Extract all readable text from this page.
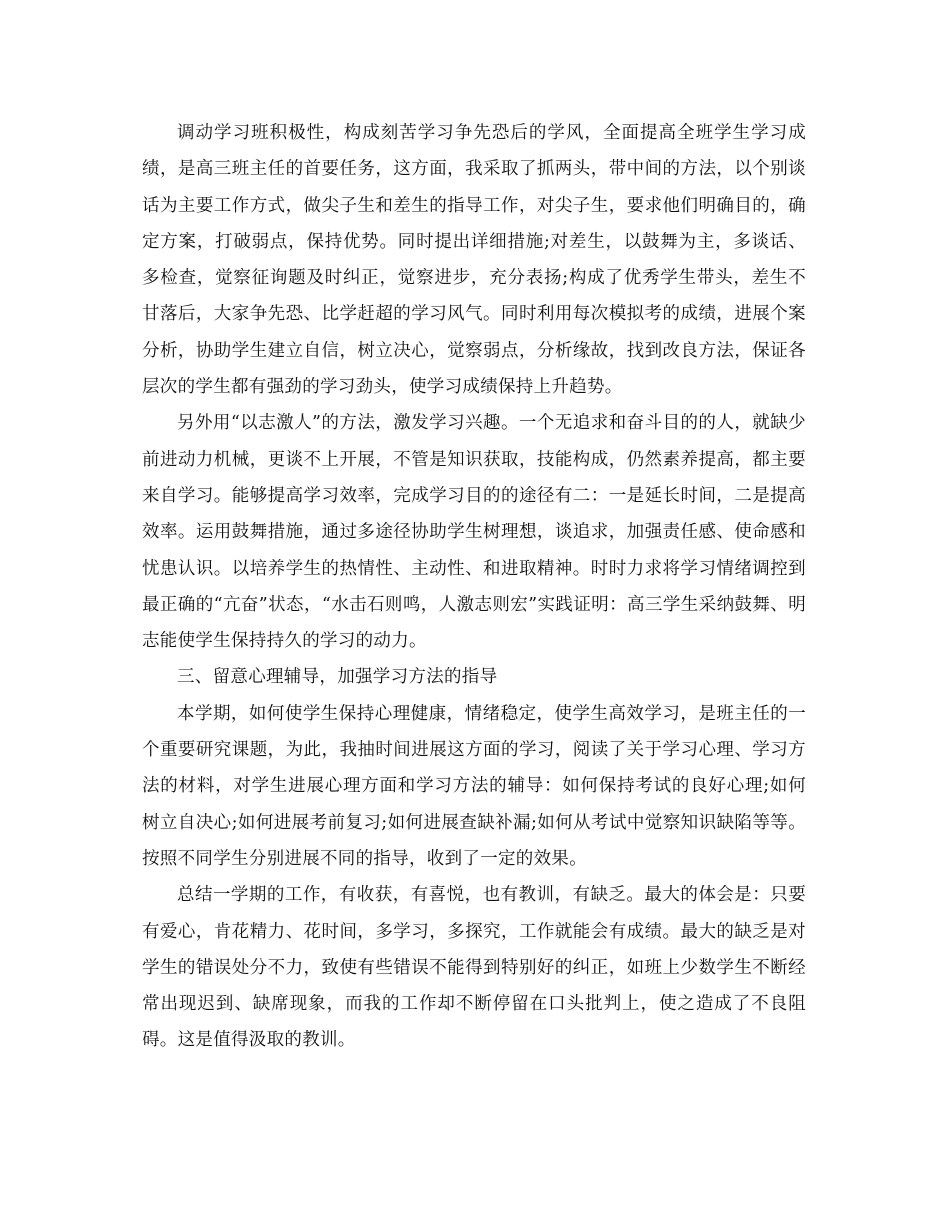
调动学习班积极性，构成刻苦学习争先恐后的学风，全面提高全班学生学习成绩，是高三班主任的首要任务，这方面，我采取了抓两头，带中间的方法，以个别谈话为主要工作方式，做尖子生和差生的指导工作，对尖子生，要求他们明确目的，确定方案，打破弱点，保持优势。同时提出详细措施;对差生，以鼓舞为主，多谈话、多检查，觉察征询题及时纠正，觉察进步，充分表扬;构成了优秀学生带头，差生不甘落后，大家争先恐、比学赶超的学习风气。同时利用每次模拟考的成绩，进展个案分析，协助学生建立自信，树立决心，觉察弱点，分析缘故，找到改良方法，保证各层次的学生都有强劲的学习劲头，使学习成绩保持上升趋势。

另外用“以志激人”的方法，激发学习兴趣。一个无追求和奋斗目的的人，就缺少前进动力机械，更谈不上开展，不管是知识获取，技能构成，仍然素养提高，都主要来自学习。能够提高学习效率，完成学习目的的途径有二：一是延长时间，二是提高效率。运用鼓舞措施，通过多途径协助学生树理想，谈追求，加强责任感、使命感和忧患认识。以培养学生的热情性、主动性、和进取精神。时时力求将学习情绪调控到最正确的“亢奋”状态，“水击石则鸣，人激志则宏”实践证明：高三学生采纳鼓舞、明志能使学生保持持久的学习的动力。

三、留意心理辅导，加强学习方法的指导

本学期，如何使学生保持心理健康，情绪稳定，使学生高效学习，是班主任的一个重要研究课题，为此，我抽时间进展这方面的学习，阅读了关于学习心理、学习方法的材料，对学生进展心理方面和学习方法的辅导：如何保持考试的良好心理;如何树立自决心;如何进展考前复习;如何进展查缺补漏;如何从考试中觉察知识缺陷等等。按照不同学生分别进展不同的指导，收到了一定的效果。

总结一学期的工作，有收获，有喜悦，也有教训，有缺乏。最大的体会是：只要有爱心，肯花精力、花时间，多学习，多探究，工作就能会有成绩。最大的缺乏是对学生的错误处分不力，致使有些错误不能得到特别好的纠正，如班上少数学生不断经常出现迟到、缺席现象，而我的工作却不断停留在口头批判上，使之造成了不良阻碍。这是值得汲取的教训。
